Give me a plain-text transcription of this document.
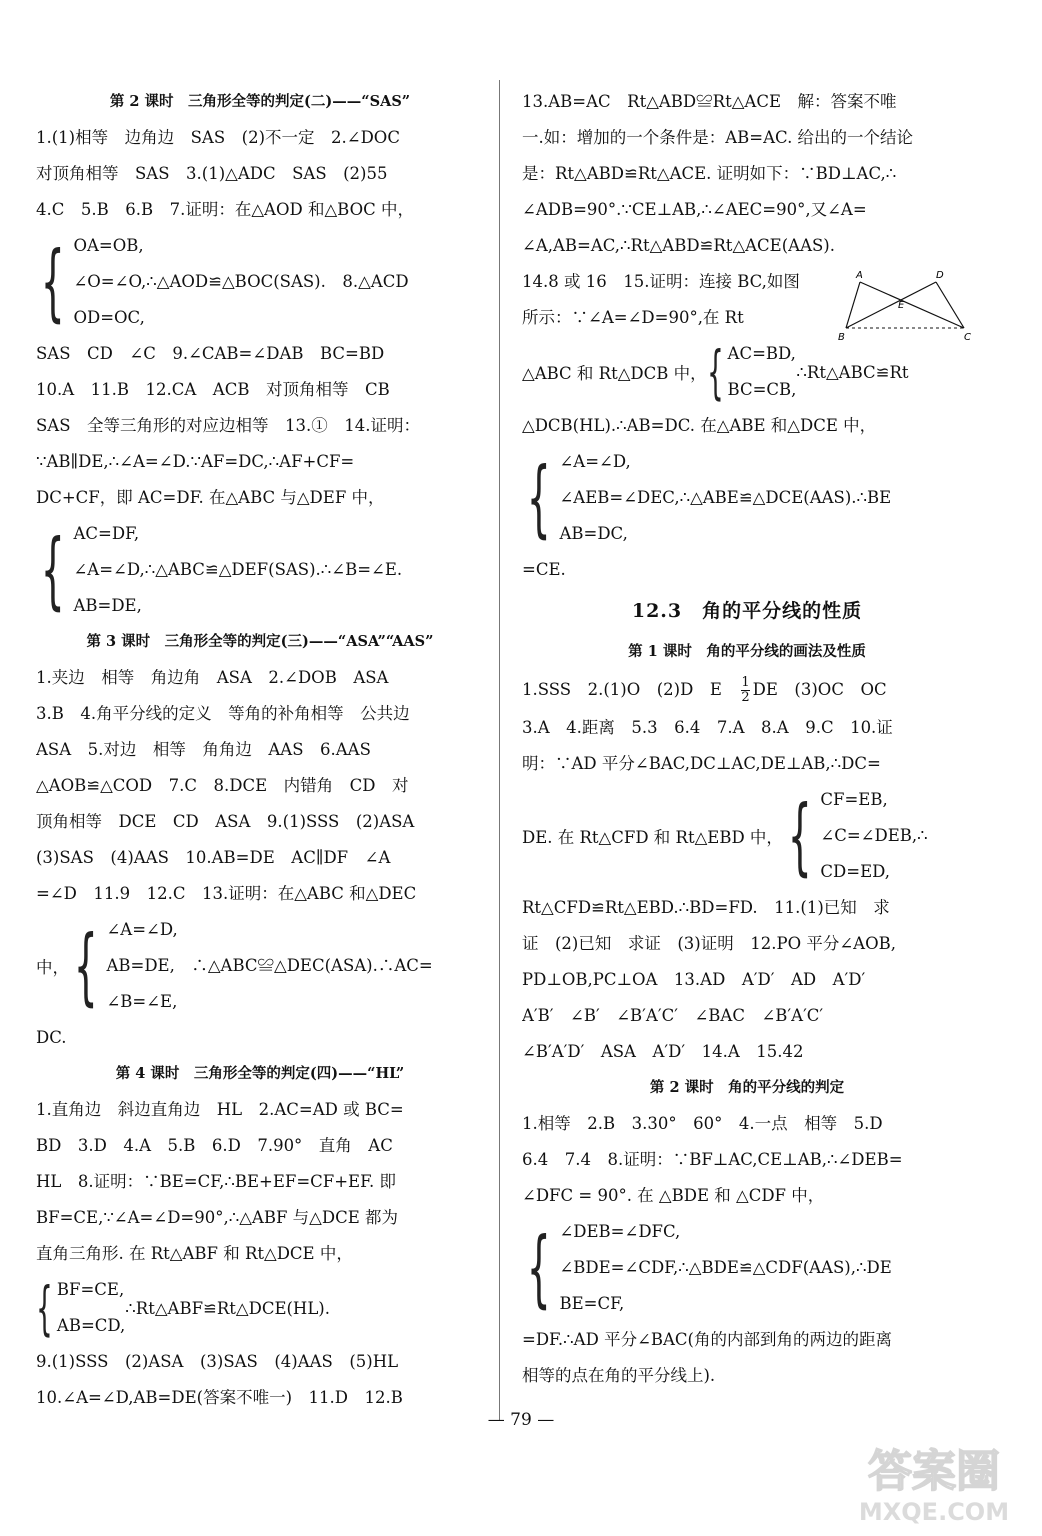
第 2 课时　三角形全等的判定(二)——“SAS”
1.(1)相等　边角边　SAS　(2)不一定　2.∠DOC
对顶角相等　SAS　3.(1)△ADC　SAS　(2)55
4.C　5.B　6.B　7.证明：在△AOD 和△BOC 中，
{ OA=OB,
∠O=∠O,∴△AOD≌△BOC(SAS).　8.△ACD
OD=OC,
SAS　CD　∠C　9.∠CAB=∠DAB　BC=BD
10.A　11.B　12.CA　ACB　对顶角相等　CB
SAS　全等三角形的对应边相等　13.①　14.证明：
∵AB∥DE,∴∠A=∠D.∵AF=DC,∴AF+CF=
DC+CF，即 AC=DF. 在△ABC 与△DEF 中，
{ AC=DF,
∠A=∠D,∴△ABC≌△DEF(SAS).∴∠B=∠E.
AB=DE,
第 3 课时　三角形全等的判定(三)——“ASA”“AAS”
1.夹边　相等　角边角　ASA　2.∠DOB　ASA
3.B　4.角平分线的定义　等角的补角相等　公共边
ASA　5.对边　相等　角角边　AAS　6.AAS
△AOB≌△COD　7.C　8.DCE　内错角　CD　对
顶角相等　DCE　CD　ASA　9.(1)SSS　(2)ASA
(3)SAS　(4)AAS　10.AB=DE　AC∥DF　∠A
=∠D　11.9　12.C　13.证明：在△ABC 和△DEC
中， { ∠A=∠D,
AB=DE,　∴△ABC≌△DEC(ASA).∴AC=
∠B=∠E,
DC.
第 4 课时　三角形全等的判定(四)——“HL”
1.直角边　斜边直角边　HL　2.AC=AD 或 BC=
BD　3.D　4.A　5.B　6.D　7.90°　直角　AC
HL　8.证明：∵BE=CF,∴BE+EF=CF+EF. 即
BF=CE,∵∠A=∠D=90°,∴△ABF 与△DCE 都为
直角三角形. 在 Rt△ABF 和 Rt△DCE 中，
{ BF=CE,
AB=CD,
∴Rt△ABF≌Rt△DCE(HL).
9.(1)SSS　(2)ASA　(3)SAS　(4)AAS　(5)HL
10.∠A=∠D,AB=DE(答案不唯一)　11.D　12.B
13.AB=AC　Rt△ABD≌Rt△ACE　解：答案不唯
一.如：增加的一个条件是：AB=AC. 给出的一个结论
是：Rt△ABD≌Rt△ACE. 证明如下：∵BD⊥AC,∴
∠ADB=90°.∵CE⊥AB,∴∠AEC=90°,又∠A=
∠A,AB=AC,∴Rt△ABD≌Rt△ACE(AAS).
14.8 或 16　15.证明：连接 BC,如图
所示：∵∠A=∠D=90°,在 Rt
△ABC 和 Rt△DCB 中， { AC=BD,
BC=CB,
∴Rt△ABC≌Rt
△DCB(HL).∴AB=DC. 在△ABE 和△DCE 中，
{ ∠A=∠D,
∠AEB=∠DEC,∴△ABE≌△DCE(AAS).∴BE
AB=DC,
=CE.
12.3　角的平分线的性质
第 1 课时　角的平分线的画法及性质
1.SSS　2.(1)O　(2)D　E　 $\frac{1}{2}$ DE　(3)OC　OC
3.A　4.距离　5.3　6.4　7.A　8.A　9.C　10.证
明：∵AD 平分∠BAC,DC⊥AC,DE⊥AB,∴DC=
DE. 在 Rt△CFD 和 Rt△EBD 中， { CF=EB,
∠C=∠DEB,∴
CD=ED,
Rt△CFD≌Rt△EBD.∴BD=FD.　11.(1)已知　求
证　(2)已知　求证　(3)证明　12.PO 平分∠AOB,
PD⊥OB,PC⊥OA　13.AD　A′D′　AD　A′D′
A′B′　∠B′　∠B′A′C′　∠BAC　∠B′A′C′
∠B′A′D′　ASA　A′D′　14.A　15.42
第 2 课时　角的平分线的判定
1.相等　2.B　3.30°　60°　4.一点　相等　5.D
6.4　7.4　8.证明：∵BF⊥AC,CE⊥AB,∴∠DEB=
∠DFC = 90°. 在 △BDE 和 △CDF 中，
{ ∠DEB=∠DFC,
∠BDE=∠CDF,∴△BDE≌△CDF(AAS),∴DE
BE=CF,
=DF.∴AD 平分∠BAC(角的内部到角的两边的距离
相等的点在角的平分线上).
A	D
B	C
E
— 79 —
答案圈
MXQE.COM
